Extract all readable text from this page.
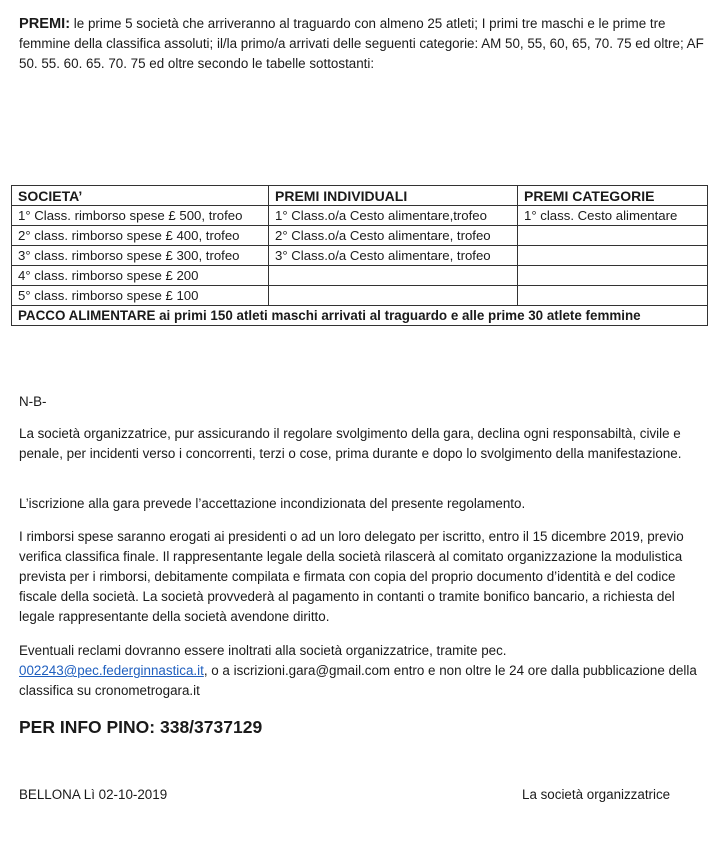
PREMI: le prime 5 società che arriveranno al traguardo con almeno 25 atleti; I primi tre maschi e le prime tre femmine della classifica assoluti; il/la primo/a arrivati delle seguenti categorie: AM 50, 55, 60, 65, 70. 75 ed oltre; AF 50. 55. 60. 65. 70. 75 ed oltre secondo le tabelle sottostanti:
SOCIETA’	PREMI INDIVIDUALI	PREMI CATEGORIE
1° Class. rimborso spese £ 500, trofeo	1° Class.o/a Cesto alimentare,trofeo	1° class. Cesto alimentare
2° class. rimborso spese £ 400, trofeo	2° Class.o/a Cesto alimentare, trofeo	
3° class. rimborso spese £ 300, trofeo	3° Class.o/a Cesto alimentare, trofeo	
4° class. rimborso spese £ 200		
5° class. rimborso spese £ 100		
PACCO ALIMENTARE ai primi 150 atleti maschi arrivati al traguardo e alle prime 30 atlete femmine		
N-B-
La società organizzatrice, pur assicurando il regolare svolgimento della gara, declina ogni responsabiltà, civile e penale, per incidenti verso i concorrenti, terzi o cose, prima durante e dopo lo svolgimento della manifestazione.
L’iscrizione alla gara prevede l’accettazione incondizionata del presente regolamento.
I rimborsi spese saranno erogati ai presidenti o ad un loro delegato per iscritto, entro il 15 dicembre 2019, previo verifica classifica finale. Il rappresentante legale della società rilascerà al comitato organizzazione la modulistica prevista per i rimborsi, debitamente compilata e firmata con copia del proprio documento d’identità e del codice fiscale della società. La società provvederà al pagamento in contanti o tramite bonifico bancario, a richiesta del legale rappresentante della società avendone diritto.
Eventuali reclami dovranno essere inoltrati alla società organizzatrice, tramite pec.
002243@pec.federginnastica.it, o a iscrizioni.gara@gmail.com entro e non oltre le 24 ore dalla pubblicazione della classifica su cronometrogara.it
PER INFO PINO: 338/3737129
BELLONA Lì 02-10-2019	La società organizzatrice
